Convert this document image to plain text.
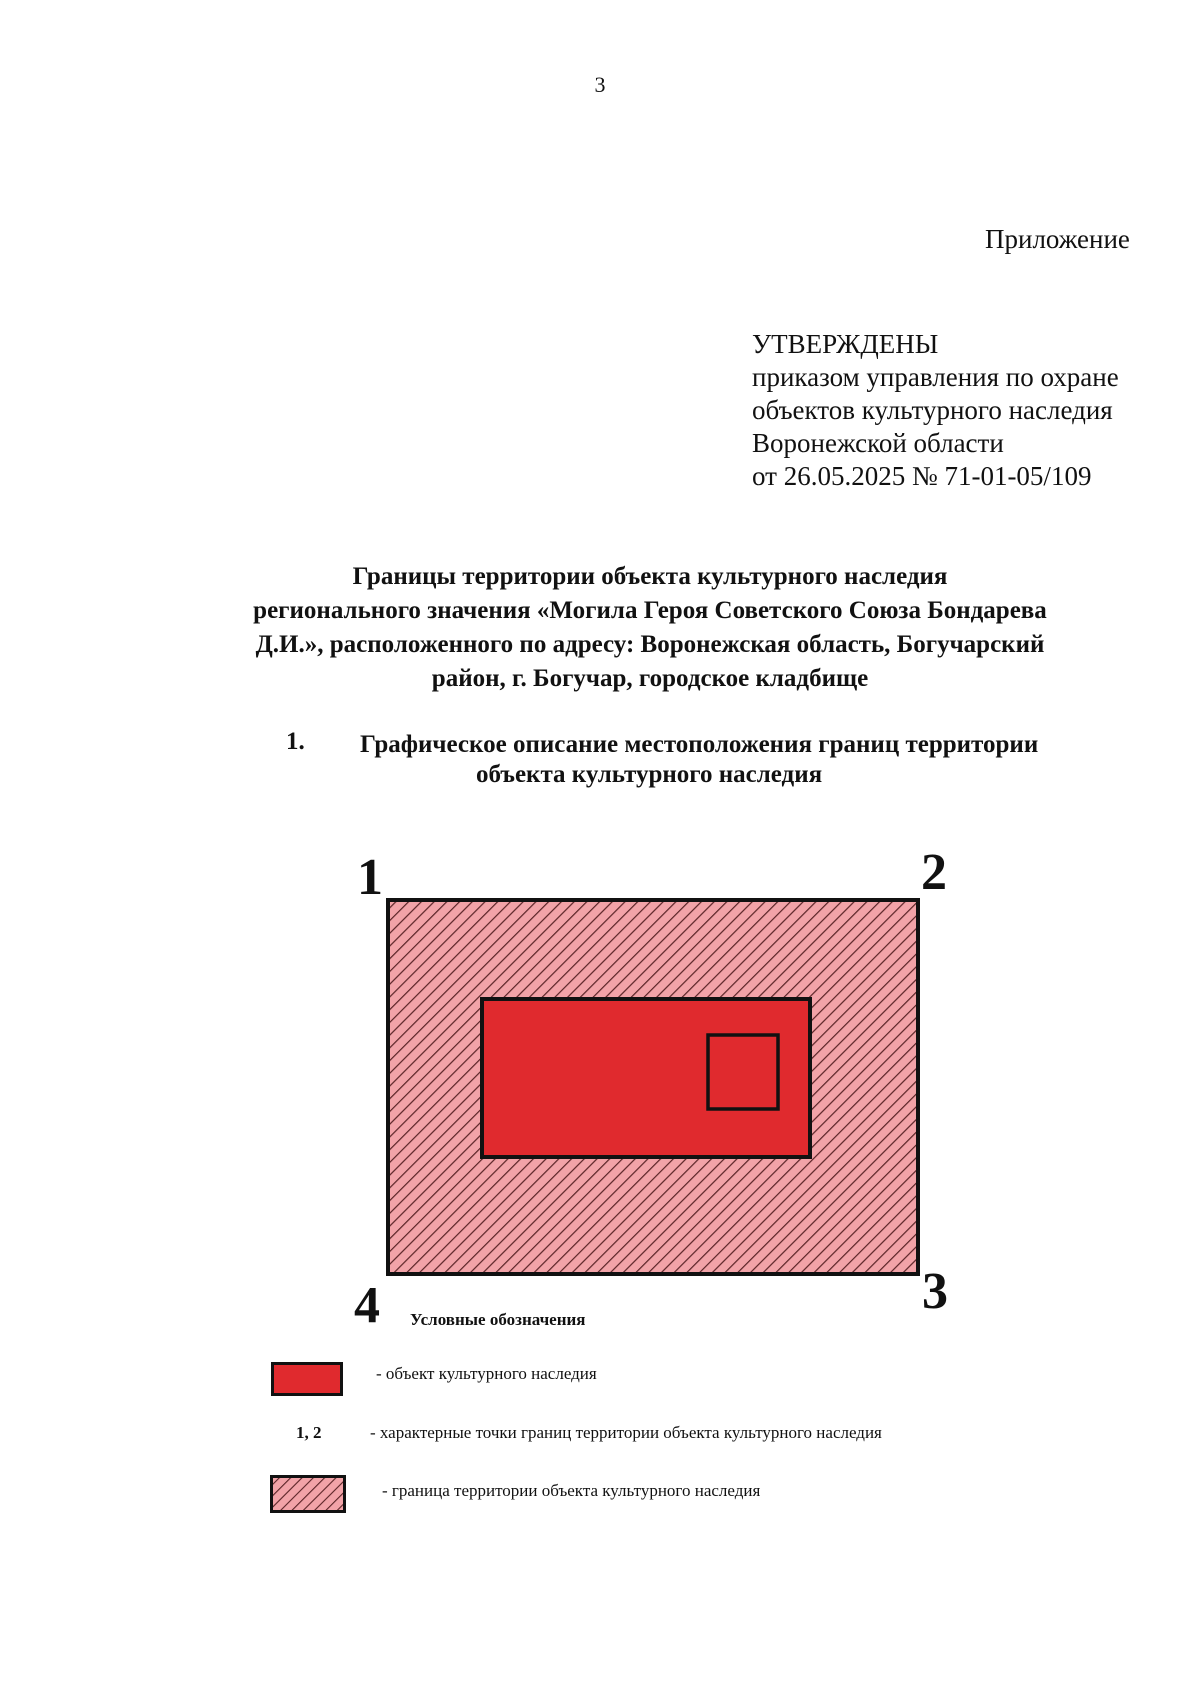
3
Приложение
УТВЕРЖДЕНЫ
приказом управления по охране
объектов культурного наследия
Воронежской области
от 26.05.2025 № 71-01-05/109
Границы территории объекта культурного наследия
регионального значения «Могила Героя Советского Союза Бондарева
Д.И.», расположенного по адресу: Воронежская область, Богучарский
район, г. Богучар, городское кладбище
1. Графическое описание местоположения границ территории
объекта культурного наследия
1	2
3
4 Условные обозначения
- объект культурного наследия
1, 2	- характерные точки границ территории объекта культурного наследия
- граница территории объекта культурного наследия
